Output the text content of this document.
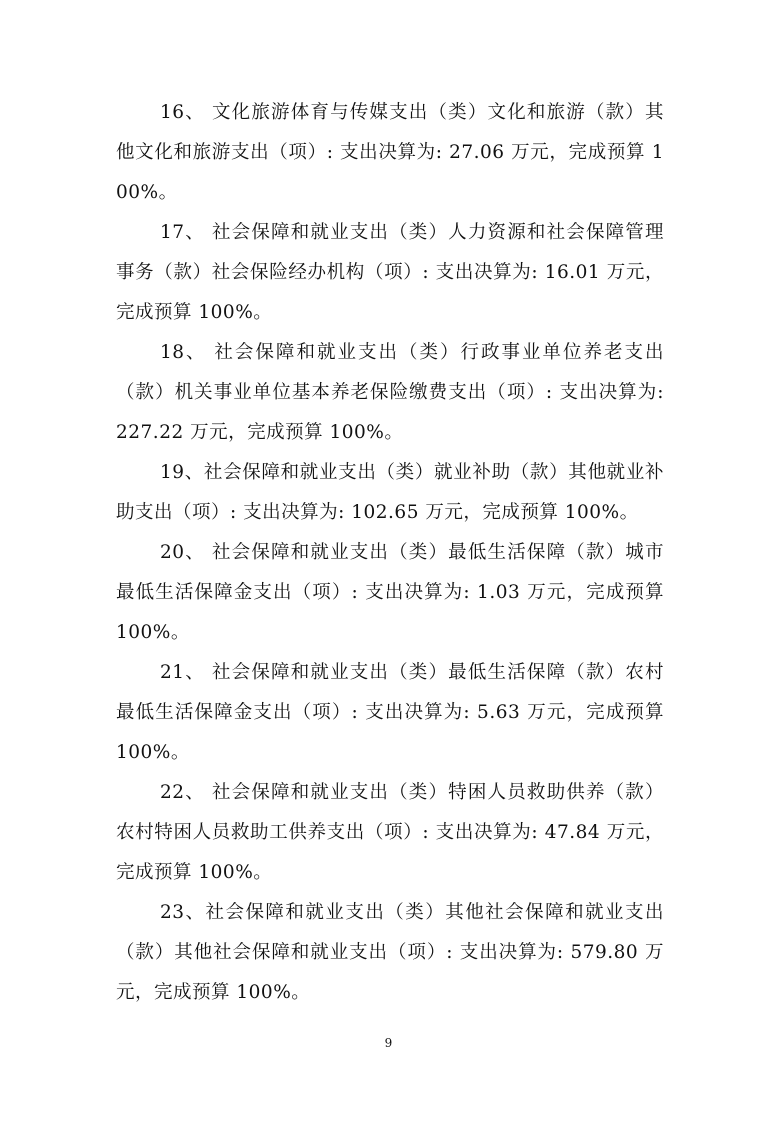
16、 文化旅游体育与传媒支出（类）文化和旅游（款）其他文化和旅游支出（项）: 支出决算为: 27.06 万元，完成预算 100%。

17、 社会保障和就业支出（类）人力资源和社会保障管理事务（款）社会保险经办机构（项）: 支出决算为: 16.01 万元，完成预算 100%。

18、 社会保障和就业支出（类）行政事业单位养老支出（款）机关事业单位基本养老保险缴费支出（项）: 支出决算为: 227.22 万元，完成预算 100%。

19、社会保障和就业支出（类）就业补助（款）其他就业补助支出（项）: 支出决算为: 102.65 万元，完成预算 100%。

20、 社会保障和就业支出（类）最低生活保障（款）城市最低生活保障金支出（项）: 支出决算为: 1.03 万元，完成预算 100%。

21、 社会保障和就业支出（类）最低生活保障（款）农村最低生活保障金支出（项）: 支出决算为: 5.63 万元，完成预算 100%。

22、 社会保障和就业支出（类）特困人员救助供养（款）农村特困人员救助工供养支出（项）: 支出决算为: 47.84 万元，完成预算 100%。

23、社会保障和就业支出（类）其他社会保障和就业支出（款）其他社会保障和就业支出（项）: 支出决算为: 579.80 万元，完成预算 100%。

9
